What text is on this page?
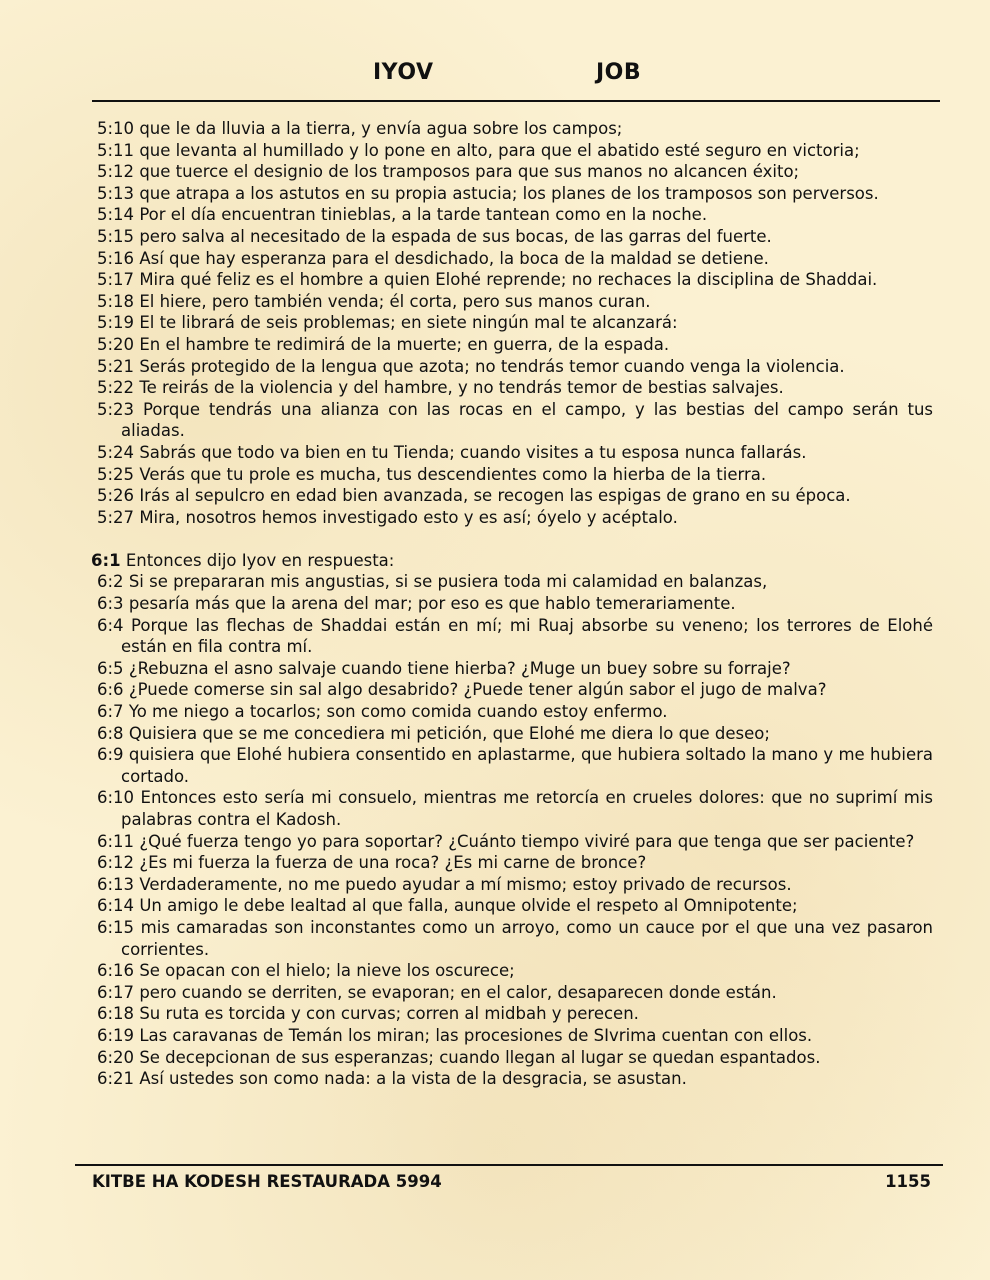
IYOV	JOB
5:10 que le da lluvia a la tierra, y envía agua sobre los campos;
5:11 que levanta al humillado y lo pone en alto, para que el abatido esté seguro en victoria;
5:12 que tuerce el designio de los tramposos para que sus manos no alcancen éxito;
5:13 que atrapa a los astutos en su propia astucia; los planes de los tramposos son perversos.
5:14 Por el día encuentran tinieblas, a la tarde tantean como en la noche.
5:15 pero salva al necesitado de la espada de sus bocas, de las garras del fuerte.
5:16 Así que hay esperanza para el desdichado, la boca de la maldad se detiene.
5:17 Mira qué feliz es el hombre a quien Elohé reprende; no rechaces la disciplina de Shaddai.
5:18 El hiere, pero también venda; él corta, pero sus manos curan.
5:19 El te librará de seis problemas; en siete ningún mal te alcanzará:
5:20 En el hambre te redimirá de la muerte; en guerra, de la espada.
5:21 Serás protegido de la lengua que azota; no tendrás temor cuando venga la violencia.
5:22 Te reirás de la violencia y del hambre, y no tendrás temor de bestias salvajes.
5:23 Porque tendrás una alianza con las rocas en el campo, y las bestias del campo serán tus aliadas.
5:24 Sabrás que todo va bien en tu Tienda; cuando visites a tu esposa nunca fallarás.
5:25 Verás que tu prole es mucha, tus descendientes como la hierba de la tierra.
5:26 Irás al sepulcro en edad bien avanzada, se recogen las espigas de grano en su época.
5:27 Mira, nosotros hemos investigado esto y es así; óyelo y acéptalo.
6:1 Entonces dijo Iyov en respuesta:
6:2 Si se prepararan mis angustias, si se pusiera toda mi calamidad en balanzas,
6:3 pesaría más que la arena del mar; por eso es que hablo temerariamente.
6:4 Porque las flechas de Shaddai están en mí; mi Ruaj absorbe su veneno; los terrores de Elohé están en fila contra mí.
6:5 ¿Rebuzna el asno salvaje cuando tiene hierba? ¿Muge un buey sobre su forraje?
6:6 ¿Puede comerse sin sal algo desabrido? ¿Puede tener algún sabor el jugo de malva?
6:7 Yo me niego a tocarlos; son como comida cuando estoy enfermo.
6:8 Quisiera que se me concediera mi petición, que Elohé me diera lo que deseo;
6:9 quisiera que Elohé hubiera consentido en aplastarme, que hubiera soltado la mano y me hubiera cortado.
6:10 Entonces esto sería mi consuelo, mientras me retorcía en crueles dolores: que no suprimí mis palabras contra el Kadosh.
6:11 ¿Qué fuerza tengo yo para soportar? ¿Cuánto tiempo viviré para que tenga que ser paciente?
6:12 ¿Es mi fuerza la fuerza de una roca? ¿Es mi carne de bronce?
6:13 Verdaderamente, no me puedo ayudar a mí mismo; estoy privado de recursos.
6:14 Un amigo le debe lealtad al que falla, aunque olvide el respeto al Omnipotente;
6:15 mis camaradas son inconstantes como un arroyo, como un cauce por el que una vez pasaron corrientes.
6:16 Se opacan con el hielo; la nieve los oscurece;
6:17 pero cuando se derriten, se evaporan; en el calor, desaparecen donde están.
6:18 Su ruta es torcida y con curvas; corren al midbah y perecen.
6:19 Las caravanas de Temán los miran; las procesiones de SIvrima cuentan con ellos.
6:20 Se decepcionan de sus esperanzas; cuando llegan al lugar se quedan espantados.
6:21 Así ustedes son como nada: a la vista de la desgracia, se asustan.
KITBE HA KODESH RESTAURADA 5994	1155
